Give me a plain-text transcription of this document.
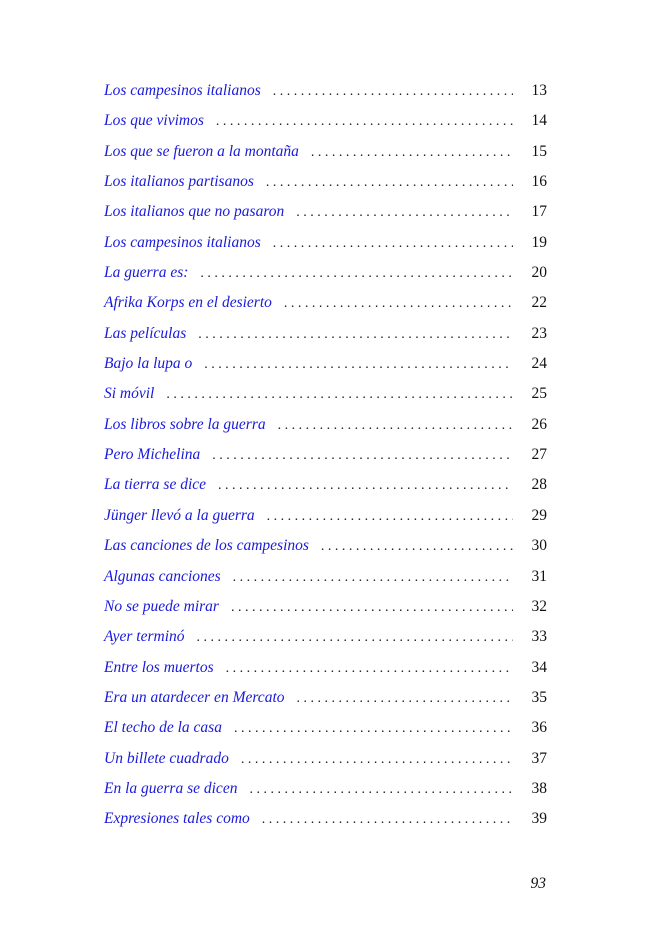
Los campesinos italianos . . .	13
Los que vivimos . . .	14
Los que se fueron a la montaña . . .	15
Los italianos partisanos . . .	16
Los italianos que no pasaron . . .	17
Los campesinos italianos . . .	19
La guerra es: . . .	20
Afrika Korps en el desierto . . .	22
Las películas . . .	23
Bajo la lupa o . . .	24
Si móvil . . .	25
Los libros sobre la guerra . . .	26
Pero Michelina . . .	27
La tierra se dice . . .	28
Jünger llevó a la guerra . . .	29
Las canciones de los campesinos . . .	30
Algunas canciones . . .	31
No se puede mirar . . .	32
Ayer terminó . . .	33
Entre los muertos . . .	34
Era un atardecer en Mercato . . .	35
El techo de la casa . . .	36
Un billete cuadrado . . .	37
En la guerra se dicen . . .	38
Expresiones tales como . . .	39
93
